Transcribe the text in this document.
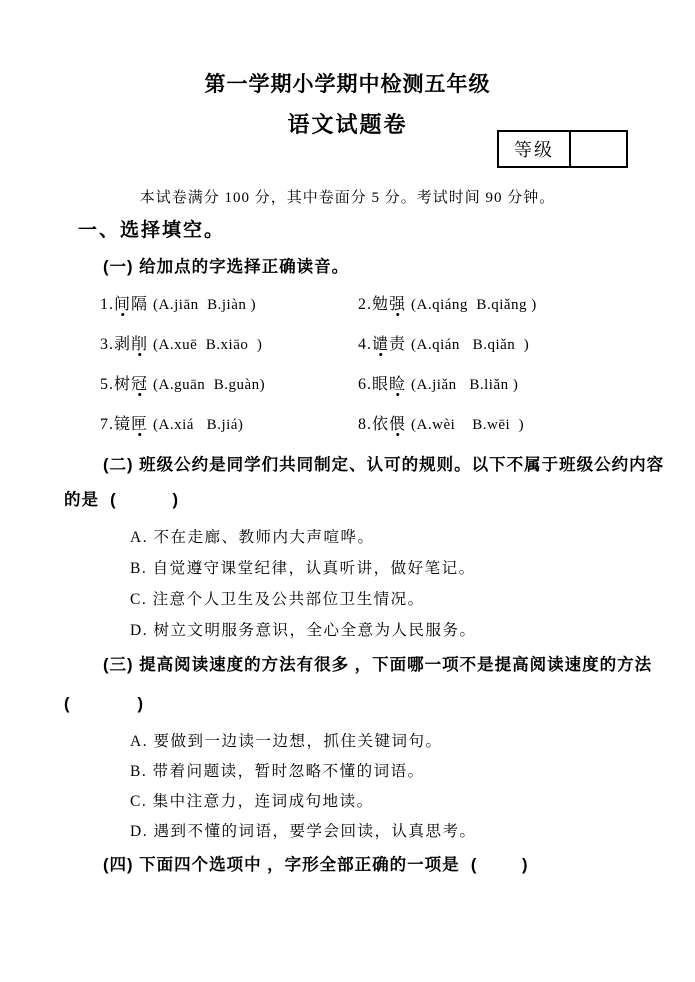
第一学期小学期中检测五年级
语文试题卷
等级
本试卷满分 100 分，其中卷面分 5 分。考试时间 90 分钟。
一、选择填空。
(一) 给加点的字选择正确读音。
1.间隔 (A.jiān  B.jiàn )	2.勉强 (A.qiáng  B.qiǎng )
3.剥削 (A.xuē  B.xiāo  )	4.谴责 (A.qián   B.qiǎn  )
5.树冠 (A.guān  B.guàn)	6.眼睑 (A.jiǎn   B.liǎn )
7.镜匣 (A.xiá   B.jiá)	8.依偎 (A.wèi    B.wēi  )
(二) 班级公约是同学们共同制定、认可的规则。以下不属于班级公约内容
的是  (          )
A. 不在走廊、教师内大声喧哗。
B. 自觉遵守课堂纪律，认真听讲，做好笔记。
C. 注意个人卫生及公共部位卫生情况。
D. 树立文明服务意识，全心全意为人民服务。
(三) 提高阅读速度的方法有很多 ，下面哪一项不是提高阅读速度的方法
(            )
A. 要做到一边读一边想，抓住关键词句。
B. 带着问题读，暂时忽略不懂的词语。
C. 集中注意力，连词成句地读。
D. 遇到不懂的词语，要学会回读，认真思考。
(四) 下面四个选项中 ，字形全部正确的一项是  (        )
